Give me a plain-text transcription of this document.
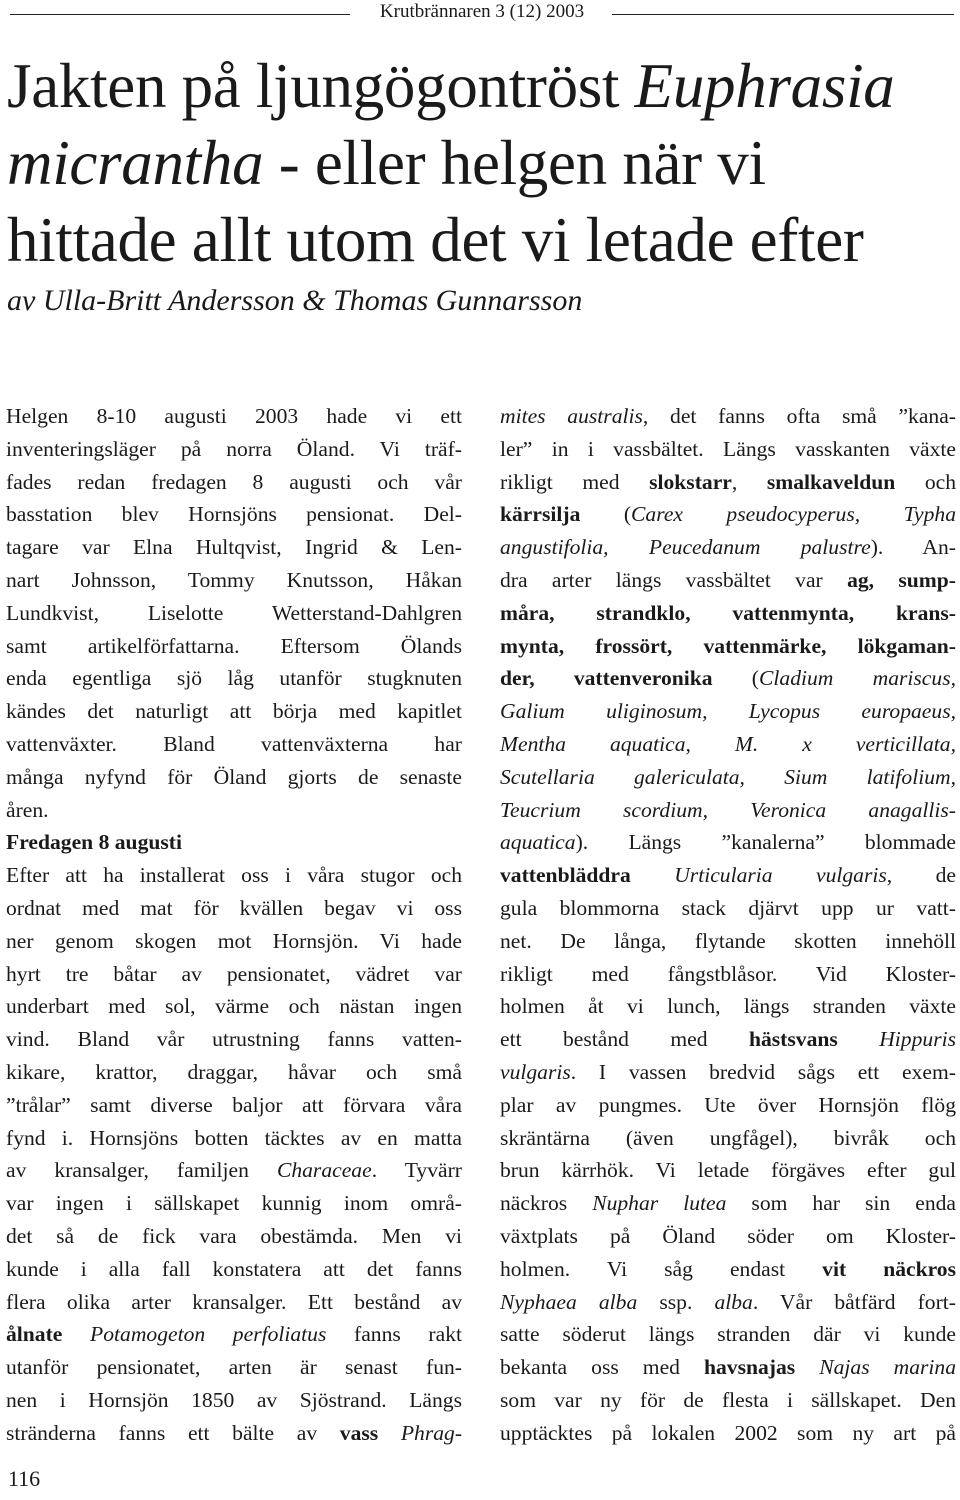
Krutbrännaren 3 (12) 2003
Jakten på ljungögontröst Euphrasia
micrantha - eller helgen när vi
hittade allt utom det vi letade efter
av Ulla-Britt Andersson & Thomas Gunnarsson
Helgen 8-10 augusti 2003 hade vi ett
inventeringsläger på norra Öland. Vi träf-
fades redan fredagen 8 augusti och vår
basstation blev Hornsjöns pensionat. Del-
tagare var Elna Hultqvist, Ingrid & Len-
nart Johnsson, Tommy Knutsson, Håkan
Lundkvist, Liselotte Wetterstand-Dahlgren
samt artikelförfattarna. Eftersom Ölands
enda egentliga sjö låg utanför stugknuten
kändes det naturligt att börja med kapitlet
vattenväxter. Bland vattenväxterna har
många nyfynd för Öland gjorts de senaste
åren.
Fredagen 8 augusti
Efter att ha installerat oss i våra stugor och
ordnat med mat för kvällen begav vi oss
ner genom skogen mot Hornsjön. Vi hade
hyrt tre båtar av pensionatet, vädret var
underbart med sol, värme och nästan ingen
vind. Bland vår utrustning fanns vatten-
kikare, krattor, draggar, håvar och små
”trålar” samt diverse baljor att förvara våra
fynd i. Hornsjöns botten täcktes av en matta
av kransalger, familjen Characeae. Tyvärr
var ingen i sällskapet kunnig inom områ-
det så de fick vara obestämda. Men vi
kunde i alla fall konstatera att det fanns
flera olika arter kransalger. Ett bestånd av
ålnate Potamogeton perfoliatus fanns rakt
utanför pensionatet, arten är senast fun-
nen i Hornsjön 1850 av Sjöstrand. Längs
stränderna fanns ett bälte av vass Phrag-
mites australis, det fanns ofta små ”kana-
ler” in i vassbältet. Längs vasskanten växte
rikligt med slokstarr, smalkaveldun och
kärrsilja (Carex pseudocyperus, Typha
angustifolia, Peucedanum palustre). An-
dra arter längs vassbältet var ag, sump-
måra, strandklo, vattenmynta, krans-
mynta, frossört, vattenmärke, lökgaman-
der, vattenveronika (Cladium mariscus,
Galium uliginosum, Lycopus europaeus,
Mentha aquatica, M. x verticillata,
Scutellaria galericulata, Sium latifolium,
Teucrium scordium, Veronica anagallis-
aquatica). Längs ”kanalerna” blommade
vattenbläddra Urticularia vulgaris, de
gula blommorna stack djärvt upp ur vatt-
net. De långa, flytande skotten innehöll
rikligt med fångstblåsor. Vid Kloster-
holmen åt vi lunch, längs stranden växte
ett bestånd med hästsvans Hippuris
vulgaris. I vassen bredvid sågs ett exem-
plar av pungmes. Ute över Hornsjön flög
skräntärna (även ungfågel), bivråk och
brun kärrhök. Vi letade förgäves efter gul
näckros Nuphar lutea som har sin enda
växtplats på Öland söder om Kloster-
holmen. Vi såg endast vit näckros
Nyphaea alba ssp. alba. Vår båtfärd fort-
satte söderut längs stranden där vi kunde
bekanta oss med havsnajas Najas marina
som var ny för de flesta i sällskapet. Den
upptäcktes på lokalen 2002 som ny art på
116
